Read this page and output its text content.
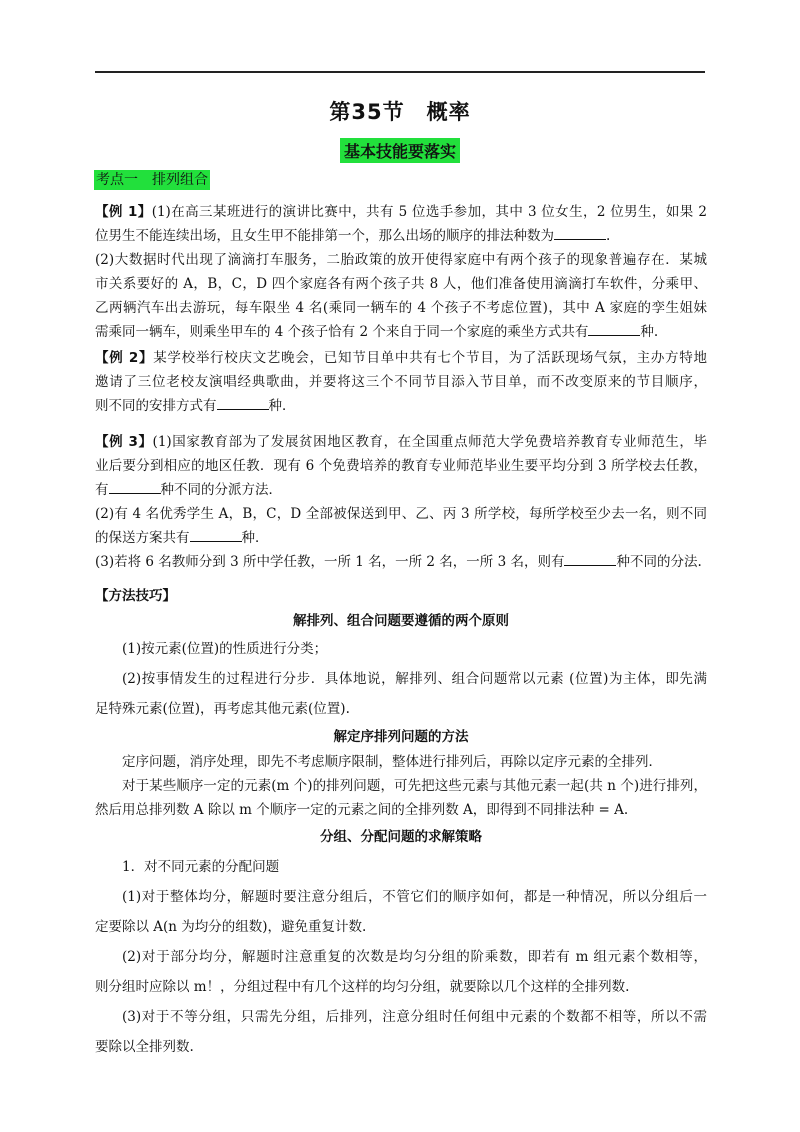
第35节　概率
基本技能要落实
考点一　排列组合
【例 1】(1)在高三某班进行的演讲比赛中，共有 5 位选手参加，其中 3 位女生，2 位男生，如果 2
位男生不能连续出场，且女生甲不能排第一个，那么出场的顺序的排法种数为	.
(2)大数据时代出现了滴滴打车服务，二胎政策的放开使得家庭中有两个孩子的现象普遍存在．某城
市关系要好的 A，B，C，D 四个家庭各有两个孩子共 8 人，他们准备使用滴滴打车软件，分乘甲、
乙两辆汽车出去游玩，每车限坐 4 名(乘同一辆车的 4 个孩子不考虑位置)，其中 A 家庭的孪生姐妹
需乘同一辆车，则乘坐甲车的 4 个孩子恰有 2 个来自于同一个家庭的乘坐方式共有	种.
【例 2】某学校举行校庆文艺晚会，已知节目单中共有七个节目，为了活跃现场气氛，主办方特地
邀请了三位老校友演唱经典歌曲，并要将这三个不同节目添入节目单，而不改变原来的节目顺序，
则不同的安排方式有	种．
【例 3】(1)国家教育部为了发展贫困地区教育，在全国重点师范大学免费培养教育专业师范生，毕
业后要分到相应的地区任教．现有 6 个免费培养的教育专业师范毕业生要平均分到 3 所学校去任教，
有	种不同的分派方法．
(2)有 4 名优秀学生 A，B，C，D 全部被保送到甲、乙、丙 3 所学校，每所学校至少去一名，则不同
的保送方案共有	种．
(3)若将 6 名教师分到 3 所中学任教，一所 1 名，一所 2 名，一所 3 名，则有	种不同的分法.
【方法技巧】
解排列、组合问题要遵循的两个原则
(1)按元素(位置)的性质进行分类；
(2)按事情发生的过程进行分步．具体地说，解排列、组合问题常以元素 (位置)为主体，即先满
足特殊元素(位置)，再考虑其他元素(位置).
解定序排列问题的方法
定序问题，消序处理，即先不考虑顺序限制，整体进行排列后，再除以定序元素的全排列．
对于某些顺序一定的元素(m 个)的排列问题，可先把这些元素与其他元素一起(共 n 个)进行排列，
然后用总排列数 A 除以 m 个顺序一定的元素之间的全排列数 A，即得到不同排法种 = A.
分组、分配问题的求解策略
1．对不同元素的分配问题
(1)对于整体均分，解题时要注意分组后，不管它们的顺序如何，都是一种情况，所以分组后一
定要除以 A(n 为均分的组数)，避免重复计数.
(2)对于部分均分，解题时注意重复的次数是均匀分组的阶乘数，即若有 m 组元素个数相等，
则分组时应除以 m！，分组过程中有几个这样的均匀分组，就要除以几个这样的全排列数.
(3)对于不等分组，只需先分组，后排列，注意分组时任何组中元素的个数都不相等，所以不需
要除以全排列数.
